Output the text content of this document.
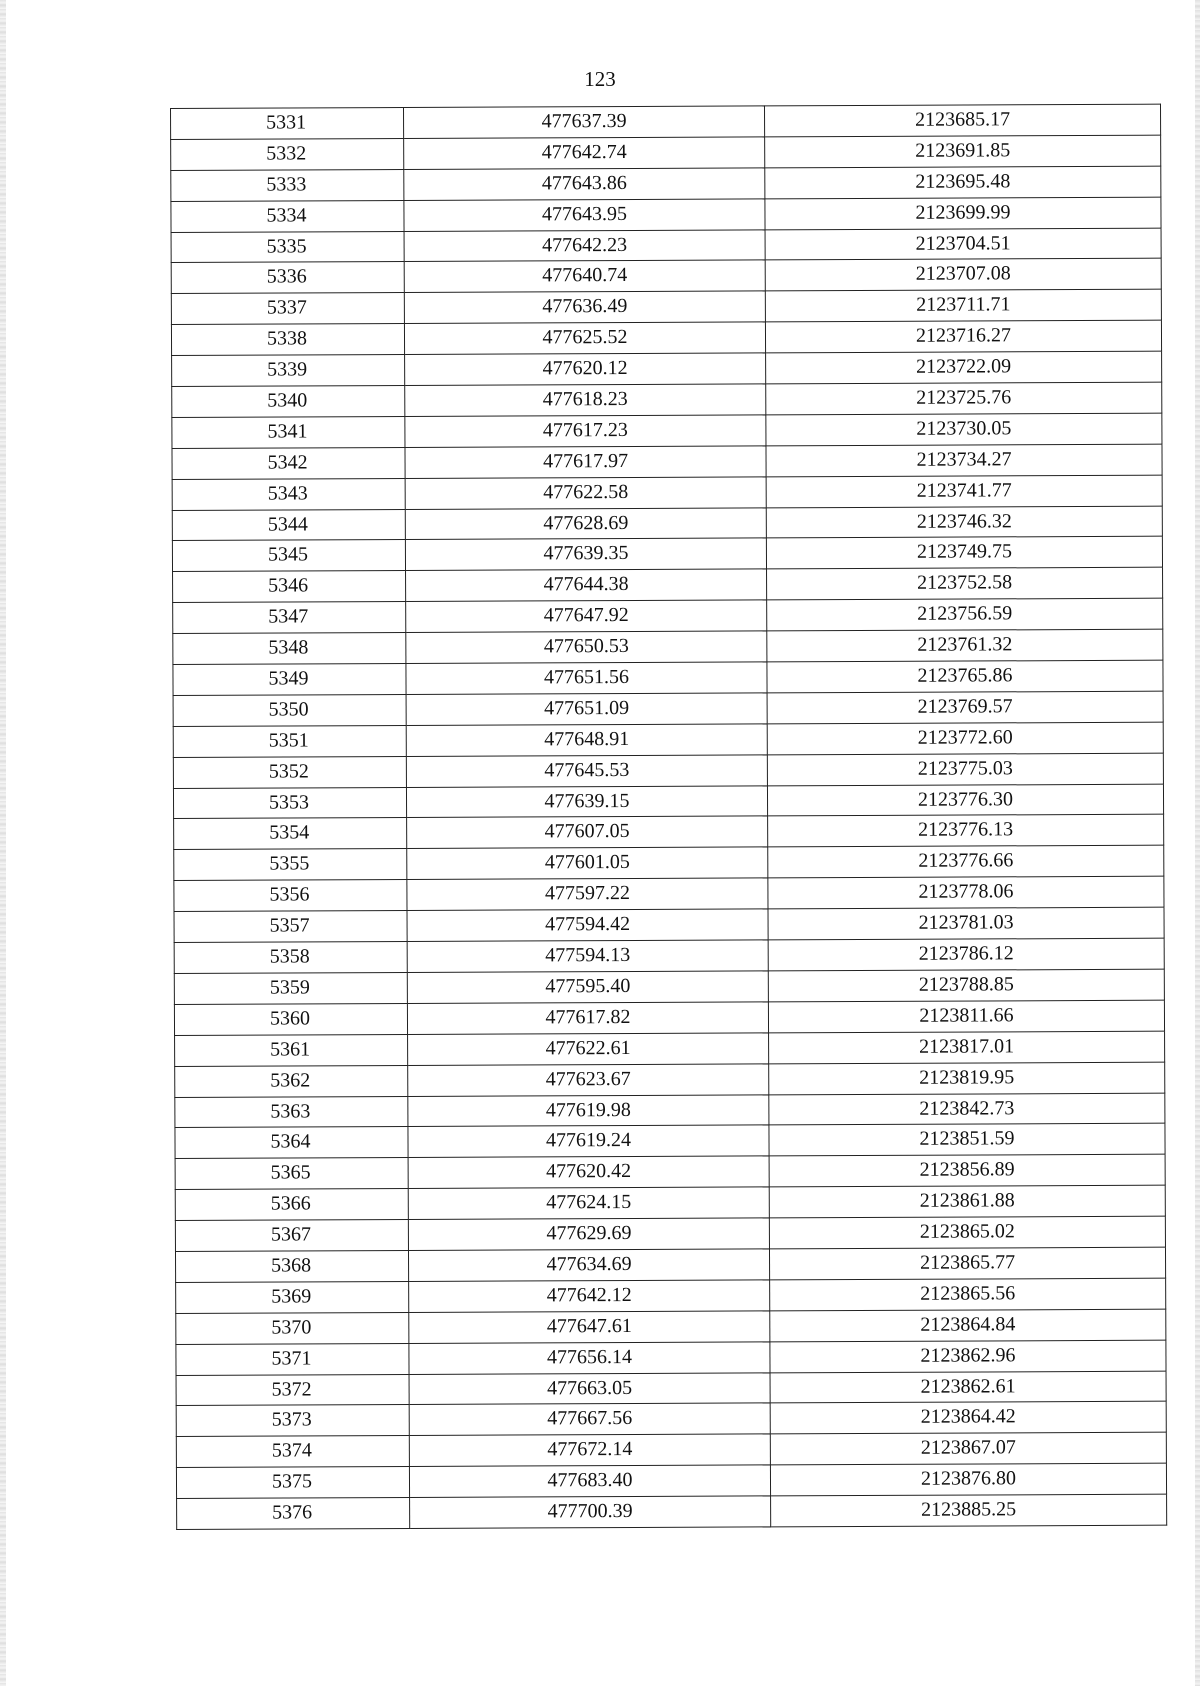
123
5331	477637.39	2123685.17
5332	477642.74	2123691.85
5333	477643.86	2123695.48
5334	477643.95	2123699.99
5335	477642.23	2123704.51
5336	477640.74	2123707.08
5337	477636.49	2123711.71
5338	477625.52	2123716.27
5339	477620.12	2123722.09
5340	477618.23	2123725.76
5341	477617.23	2123730.05
5342	477617.97	2123734.27
5343	477622.58	2123741.77
5344	477628.69	2123746.32
5345	477639.35	2123749.75
5346	477644.38	2123752.58
5347	477647.92	2123756.59
5348	477650.53	2123761.32
5349	477651.56	2123765.86
5350	477651.09	2123769.57
5351	477648.91	2123772.60
5352	477645.53	2123775.03
5353	477639.15	2123776.30
5354	477607.05	2123776.13
5355	477601.05	2123776.66
5356	477597.22	2123778.06
5357	477594.42	2123781.03
5358	477594.13	2123786.12
5359	477595.40	2123788.85
5360	477617.82	2123811.66
5361	477622.61	2123817.01
5362	477623.67	2123819.95
5363	477619.98	2123842.73
5364	477619.24	2123851.59
5365	477620.42	2123856.89
5366	477624.15	2123861.88
5367	477629.69	2123865.02
5368	477634.69	2123865.77
5369	477642.12	2123865.56
5370	477647.61	2123864.84
5371	477656.14	2123862.96
5372	477663.05	2123862.61
5373	477667.56	2123864.42
5374	477672.14	2123867.07
5375	477683.40	2123876.80
5376	477700.39	2123885.25
